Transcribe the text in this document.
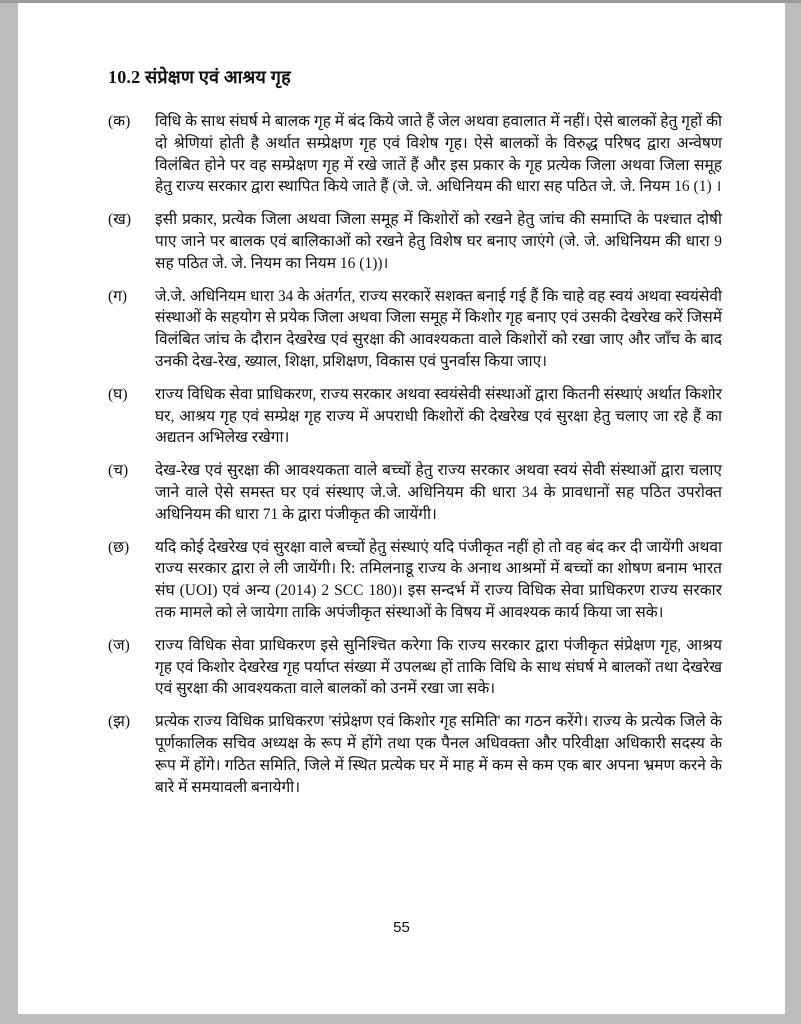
10.2 संप्रेक्षण एवं आश्रय गृह
(क)	विधि के साथ संघर्ष मे बालक गृह में बंद किये जाते हैं जेल अथवा हवालात में नहीं। ऐसे बालकों हेतु गृहों की दो श्रेणियां होती है अर्थात सम्प्रेक्षण गृह एवं विशेष गृह। ऐसे बालकों के विरुद्ध परिषद द्वारा अन्वेषण विलंबित होने पर वह सम्प्रेक्षण गृह में रखे जातें हैं और इस प्रकार के गृह प्रत्येक जिला अथवा जिला समूह हेतु राज्य सरकार द्वारा स्थापित किये जाते हैं (जे. जे. अधिनियम की धारा सह पठित जे. जे. नियम 16 (1) ।
(ख)	इसी प्रकार, प्रत्येक जिला अथवा जिला समूह में किशोरों को रखने हेतु जांच की समाप्ति के पश्चात दोषी पाए जाने पर बालक एवं बालिकाओं को रखने हेतु विशेष घर बनाए जाएंगे (जे. जे. अधिनियम की धारा 9 सह पठित जे. जे. नियम का नियम 16 (1))।
(ग)	जे.जे. अधिनियम धारा 34 के अंतर्गत, राज्य सरकारें सशक्त बनाई गई हैं कि चाहे वह स्वयं अथवा स्वयंसेवी संस्थाओं के सहयोग से प्रयेक जिला अथवा जिला समूह में किशोर गृह बनाए एवं उसकी देखरेख करें जिसमें विलंबित जांच के दौरान देखरेख एवं सुरक्षा की आवश्यकता वाले किशोरों को रखा जाए और जाँच के बाद उनकी देख-रेख, ख्याल, शिक्षा, प्रशिक्षण, विकास एवं पुनर्वास किया जाए।
(घ)	राज्य विधिक सेवा प्राधिकरण, राज्य सरकार अथवा स्वयंसेवी संस्थाओं द्वारा कितनी संस्थाएं अर्थात किशोर घर, आश्रय गृह एवं सम्प्रेक्ष गृह राज्य में अपराधी किशोरों की देखरेख एवं सुरक्षा हेतु चलाए जा रहे हैं का अद्यतन अभिलेख रखेगा।
(च)	देख-रेख एवं सुरक्षा की आवश्यकता वाले बच्चों हेतु राज्य सरकार अथवा स्वयं सेवी संस्थाओं द्वारा चलाए जाने वाले ऐसे समस्त घर एवं संस्थाए जे.जे. अधिनियम की धारा 34 के प्रावधानों सह पठित उपरोक्त अधिनियम की धारा 71 के द्वारा पंजीकृत की जायेंगी।
(छ)	यदि कोई देखरेख एवं सुरक्षा वाले बच्चों हेतु संस्थाएं यदि पंजीकृत नहीं हो तो वह बंद कर दी जायेंगी अथवा राज्य सरकार द्वारा ले ली जायेंगी। रि: तमिलनाडू राज्य के अनाथ आश्रमों में बच्चों का शोषण बनाम भारत संघ (UOI) एवं अन्य (2014) 2 SCC 180)। इस सन्दर्भ में राज्य विधिक सेवा प्राधिकरण राज्य सरकार तक मामले को ले जायेगा ताकि अपंजीकृत संस्थाओं के विषय में आवश्यक कार्य किया जा सके।
(ज)	राज्य विधिक सेवा प्राधिकरण इसे सुनिश्चित करेगा कि राज्य सरकार द्वारा पंजीकृत संप्रेक्षण गृह, आश्रय गृह एवं किशोर देखरेख गृह पर्याप्त संख्या में उपलब्ध हों ताकि विधि के साथ संघर्ष मे बालकों तथा देखरेख एवं सुरक्षा की आवश्यकता वाले बालकों को उनमें रखा जा सके।
(झ)	प्रत्येक राज्य विधिक प्राधिकरण 'संप्रेक्षण एवं किशोर गृह समिति' का गठन करेंगे। राज्य के प्रत्येक जिले के पूर्णकालिक सचिव अध्यक्ष के रूप में होंगे तथा एक पैनल अधिवक्ता और परिवीक्षा अधिकारी सदस्य के रूप में होंगे। गठित समिति, जिले में स्थित प्रत्येक घर में माह में कम से कम एक बार अपना भ्रमण करने के बारे में समयावली बनायेगी।
55
